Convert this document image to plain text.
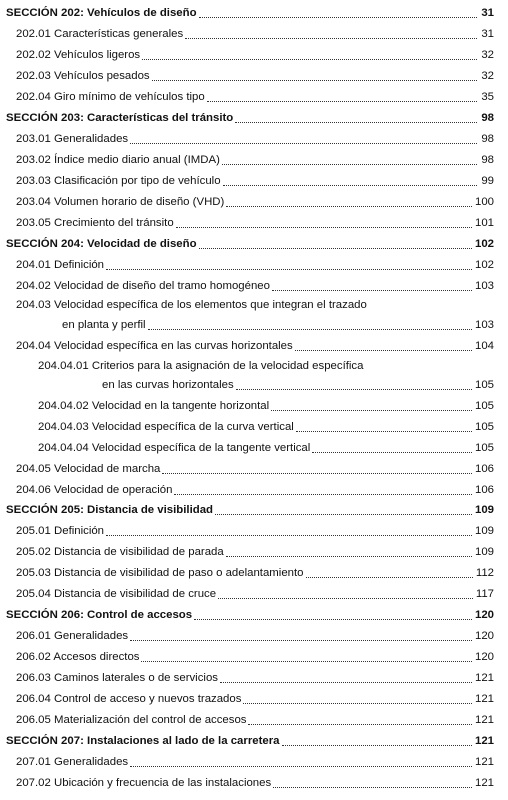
SECCIÓN 202: Vehículos de diseño	31
202.01 Características generales	31
202.02 Vehículos ligeros	32
202.03 Vehículos pesados	32
202.04 Giro mínimo de vehículos tipo	35
SECCIÓN 203: Características del tránsito	98
203.01 Generalidades	98
203.02 Índice medio diario anual (IMDA)	98
203.03 Clasificación por tipo de vehículo	99
203.04 Volumen horario de diseño (VHD)	100
203.05 Crecimiento del tránsito	101
SECCIÓN 204: Velocidad de diseño	102
204.01 Definición	102
204.02 Velocidad de diseño del tramo homogéneo	103
204.03 Velocidad específica de los elementos que integran el trazado
en planta y perfil	103
204.04 Velocidad específica en las curvas horizontales	104
204.04.01 Criterios para la asignación de la velocidad específica
en las curvas horizontales	105
204.04.02 Velocidad en la tangente horizontal	105
204.04.03 Velocidad específica de la curva vertical	105
204.04.04 Velocidad específica de la tangente vertical	105
204.05 Velocidad de marcha	106
204.06 Velocidad de operación	106
SECCIÓN 205: Distancia de visibilidad	109
205.01 Definición	109
205.02 Distancia de visibilidad de parada	109
205.03 Distancia de visibilidad de paso o adelantamiento	112
205.04 Distancia de visibilidad de cruce	117
SECCIÓN 206: Control de accesos	120
206.01 Generalidades	120
206.02 Accesos directos	120
206.03 Caminos laterales o de servicios	121
206.04 Control de acceso y nuevos trazados	121
206.05 Materialización del control de accesos	121
SECCIÓN 207: Instalaciones al lado de la carretera	121
207.01 Generalidades	121
207.02 Ubicación y frecuencia de las instalaciones	121
